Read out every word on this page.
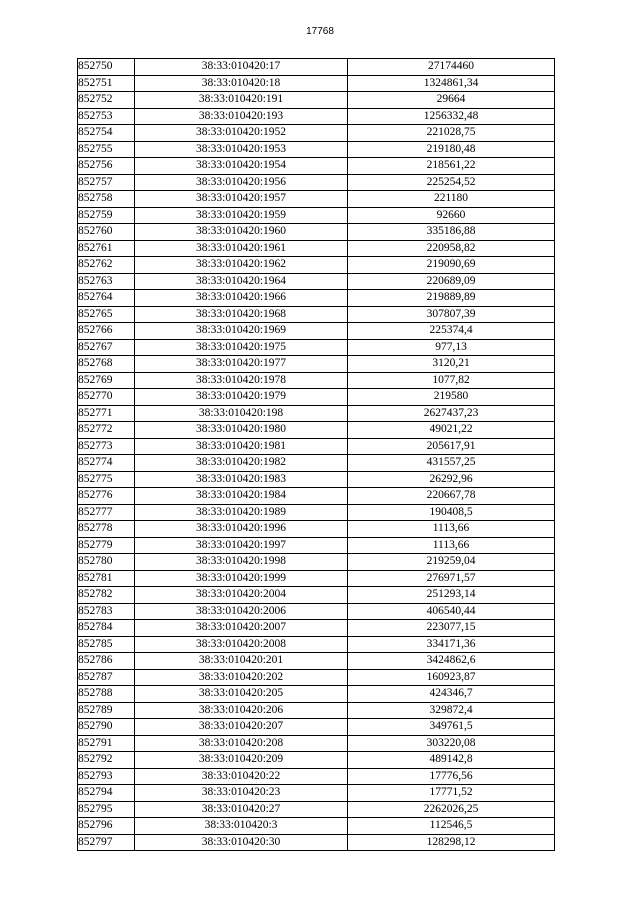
17768
852750	38:33:010420:17	27174460
852751	38:33:010420:18	1324861,34
852752	38:33:010420:191	29664
852753	38:33:010420:193	1256332,48
852754	38:33:010420:1952	221028,75
852755	38:33:010420:1953	219180,48
852756	38:33:010420:1954	218561,22
852757	38:33:010420:1956	225254,52
852758	38:33:010420:1957	221180
852759	38:33:010420:1959	92660
852760	38:33:010420:1960	335186,88
852761	38:33:010420:1961	220958,82
852762	38:33:010420:1962	219090,69
852763	38:33:010420:1964	220689,09
852764	38:33:010420:1966	219889,89
852765	38:33:010420:1968	307807,39
852766	38:33:010420:1969	225374,4
852767	38:33:010420:1975	977,13
852768	38:33:010420:1977	3120,21
852769	38:33:010420:1978	1077,82
852770	38:33:010420:1979	219580
852771	38:33:010420:198	2627437,23
852772	38:33:010420:1980	49021,22
852773	38:33:010420:1981	205617,91
852774	38:33:010420:1982	431557,25
852775	38:33:010420:1983	26292,96
852776	38:33:010420:1984	220667,78
852777	38:33:010420:1989	190408,5
852778	38:33:010420:1996	1113,66
852779	38:33:010420:1997	1113,66
852780	38:33:010420:1998	219259,04
852781	38:33:010420:1999	276971,57
852782	38:33:010420:2004	251293,14
852783	38:33:010420:2006	406540,44
852784	38:33:010420:2007	223077,15
852785	38:33:010420:2008	334171,36
852786	38:33:010420:201	3424862,6
852787	38:33:010420:202	160923,87
852788	38:33:010420:205	424346,7
852789	38:33:010420:206	329872,4
852790	38:33:010420:207	349761,5
852791	38:33:010420:208	303220,08
852792	38:33:010420:209	489142,8
852793	38:33:010420:22	17776,56
852794	38:33:010420:23	17771,52
852795	38:33:010420:27	2262026,25
852796	38:33:010420:3	112546,5
852797	38:33:010420:30	128298,12
